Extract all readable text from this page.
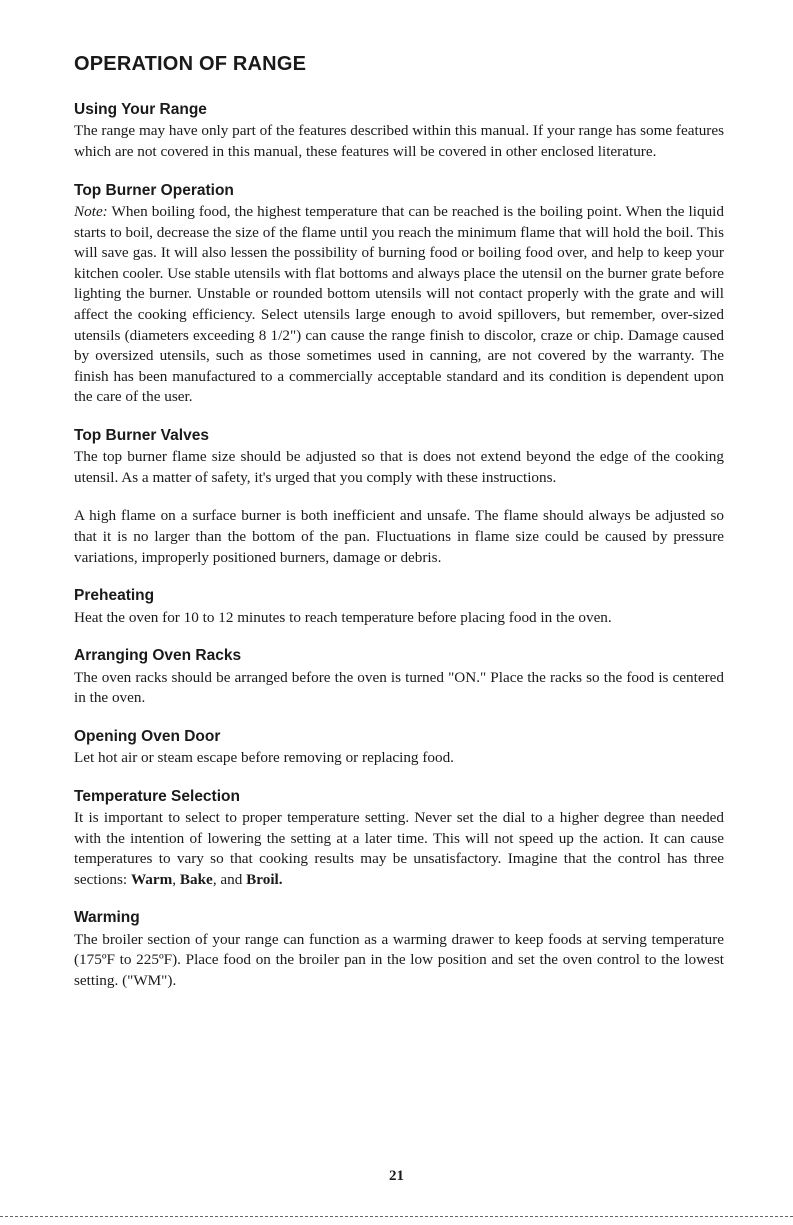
OPERATION OF RANGE
Using Your Range

The range may have only part of the features described within this manual. If your range has some features which are not covered in this manual, these features will be covered in other enclosed literature.

Top Burner Operation

Note: When boiling food, the highest temperature that can be reached is the boiling point. When the liquid starts to boil, decrease the size of the flame until you reach the minimum flame that will hold the boil. This will save gas. It will also lessen the possibility of burning food or boiling food over, and help to keep your kitchen cooler. Use stable utensils with flat bottoms and always place the utensil on the burner grate before lighting the burner. Unstable or rounded bottom utensils will not contact properly with the grate and will affect the cooking efficiency. Select utensils large enough to avoid spillovers, but remember, over-sized utensils (diameters exceeding 8 1/2") can cause the range finish to discolor, craze or chip. Damage caused by oversized utensils, such as those sometimes used in canning, are not covered by the warranty. The finish has been manufactured to a commercially acceptable standard and its condition is dependent upon the care of the user.

Top Burner Valves

The top burner flame size should be adjusted so that is does not extend beyond the edge of the cooking utensil. As a matter of safety, it's urged that you comply with these instructions.

A high flame on a surface burner is both inefficient and unsafe. The flame should always be adjusted so that it is no larger than the bottom of the pan. Fluctuations in flame size could be caused by pressure variations, improperly positioned burners, damage or debris.

Preheating

Heat the oven for 10 to 12 minutes to reach temperature before placing food in the oven.

Arranging Oven Racks

The oven racks should be arranged before the oven is turned "ON." Place the racks so the food is centered in the oven.

Opening Oven Door

Let hot air or steam escape before removing or replacing food.

Temperature Selection

It is important to select to proper temperature setting. Never set the dial to a higher degree than needed with the intention of lowering the setting at a later time. This will not speed up the action. It can cause temperatures to vary so that cooking results may be unsatisfactory. Imagine that the control has three sections: Warm, Bake, and Broil.

Warming

The broiler section of your range can function as a warming drawer to keep foods at serving temperature (175ºF to 225ºF). Place food on the broiler pan in the low position and set the oven control to the lowest setting. ("WM").

21
